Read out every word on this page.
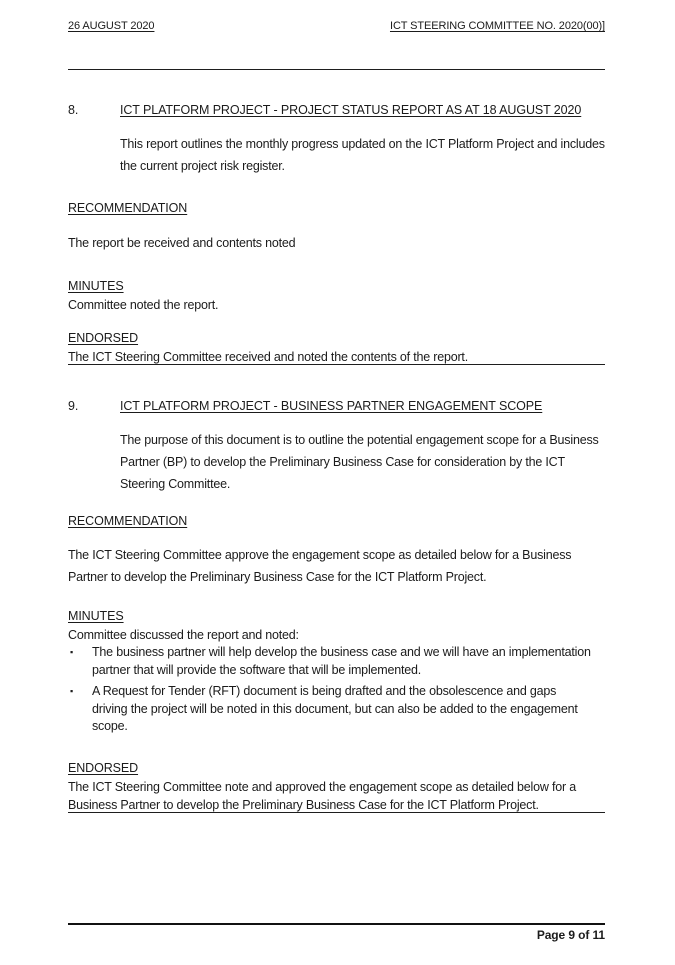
26 AUGUST 2020	ICT STEERING COMMITTEE NO. 2020(00)]
8.	ICT PLATFORM PROJECT - PROJECT STATUS REPORT AS AT 18 AUGUST 2020
This report outlines the monthly progress updated on the ICT Platform Project and includes the current project risk register.
RECOMMENDATION
The report be received and contents noted
MINUTES
Committee noted the report.
ENDORSED
The ICT Steering Committee received and noted the contents of the report.
9.	ICT PLATFORM PROJECT - BUSINESS PARTNER ENGAGEMENT SCOPE
The purpose of this document is to outline the potential engagement scope for a Business Partner (BP) to develop the Preliminary Business Case for consideration by the ICT Steering Committee.
RECOMMENDATION
The ICT Steering Committee approve the engagement scope as detailed below for a Business Partner to develop the Preliminary Business Case for the ICT Platform Project.
MINUTES
Committee discussed the report and noted:
▪ The business partner will help develop the business case and we will have an implementation partner that will provide the software that will be implemented.
▪ A Request for Tender (RFT) document is being drafted and the obsolescence and gaps driving the project will be noted in this document, but can also be added to the engagement scope.
ENDORSED
The ICT Steering Committee note and approved the engagement scope as detailed below for a Business Partner to develop the Preliminary Business Case for the ICT Platform Project.
Page 9 of 11
